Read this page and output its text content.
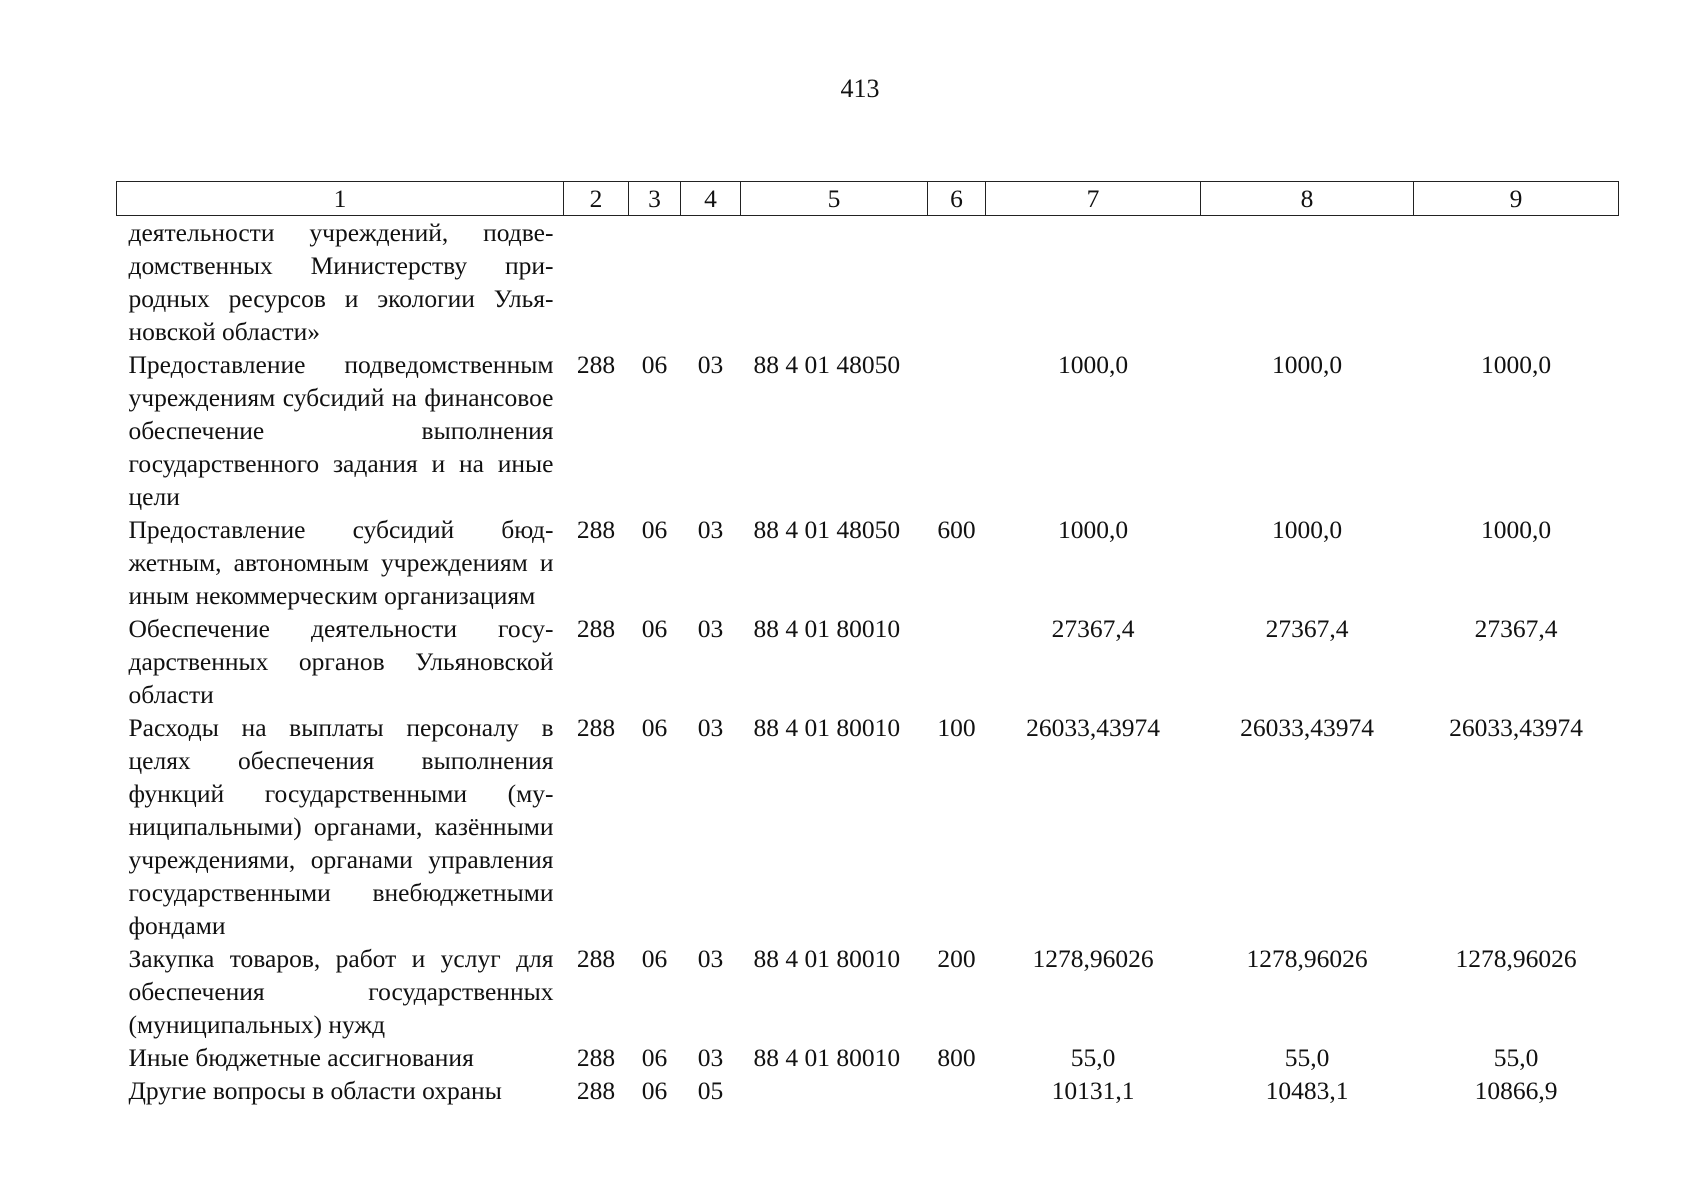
413
1	2	3	4	5	6	7	8	9
деятельности учреждений, подведомственных Министерству природных ресурсов и экологии Ульяновской области»								
Предоставление подведомственным учреждениям субсидий на финансовое обеспечение выполнения государственного задания и на иные цели	288	06	03	88 4 01 48050		1000,0	1000,0	1000,0
Предоставление субсидий бюджетным, автономным учреждениям и иным некоммерческим организациям	288	06	03	88 4 01 48050	600	1000,0	1000,0	1000,0
Обеспечение деятельности государственных органов Ульяновской области	288	06	03	88 4 01 80010		27367,4	27367,4	27367,4
Расходы на выплаты персоналу в целях обеспечения выполнения функций государственными (муниципальными) органами, казёнными учреждениями, органами управления государственными внебюджетными фондами	288	06	03	88 4 01 80010	100	26033,43974	26033,43974	26033,43974
Закупка товаров, работ и услуг для обеспечения государственных (муниципальных) нужд	288	06	03	88 4 01 80010	200	1278,96026	1278,96026	1278,96026
Иные бюджетные ассигнования	288	06	03	88 4 01 80010	800	55,0	55,0	55,0
Другие вопросы в области охраны	288	06	05			10131,1	10483,1	10866,9
